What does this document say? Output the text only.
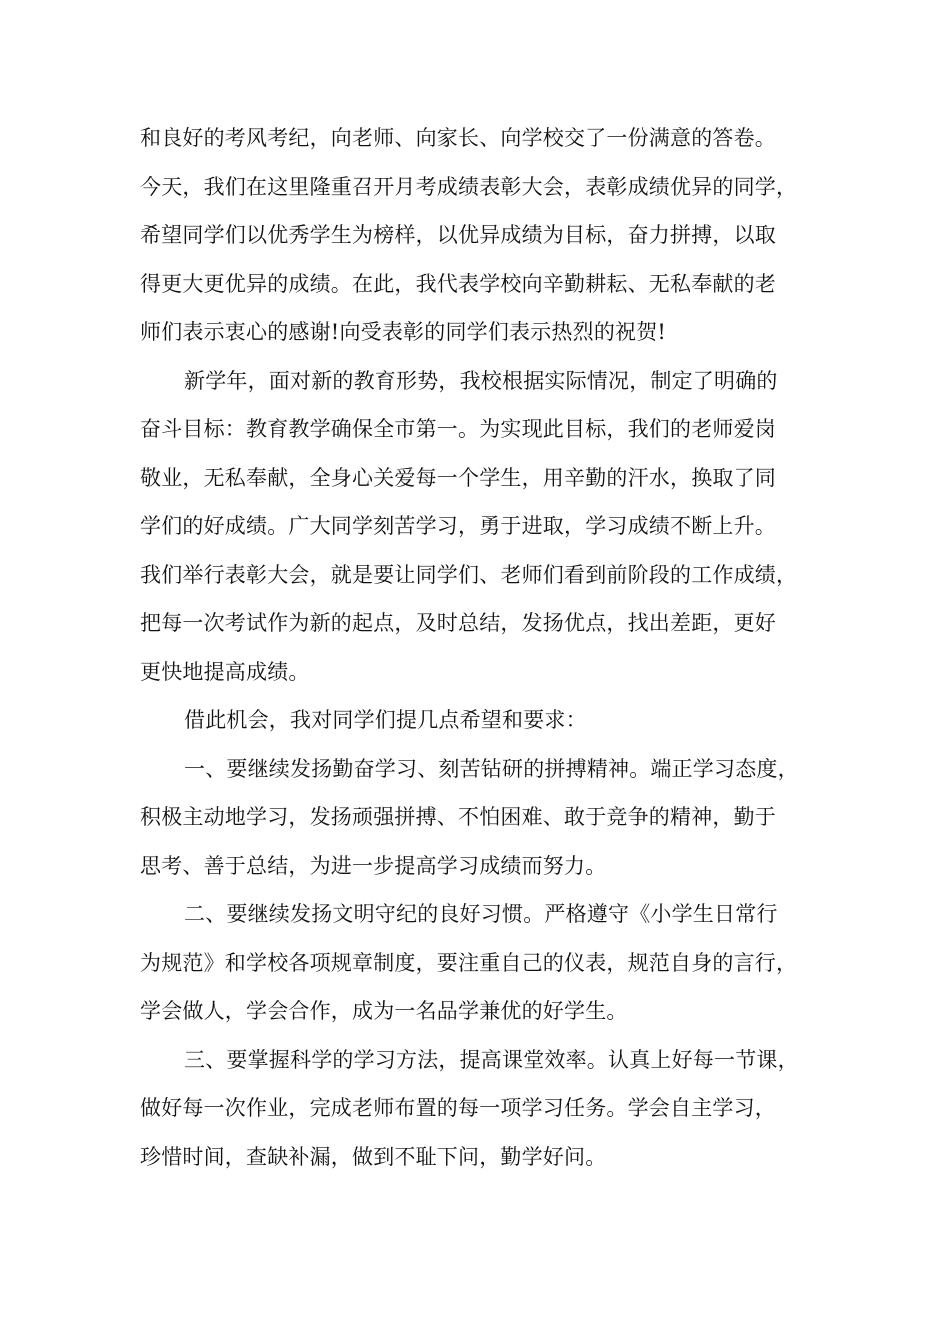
和良好的考风考纪，向老师、向家长、向学校交了一份满意的答卷。
今天，我们在这里隆重召开月考成绩表彰大会，表彰成绩优异的同学，
希望同学们以优秀学生为榜样，以优异成绩为目标，奋力拼搏，以取
得更大更优异的成绩。在此，我代表学校向辛勤耕耘、无私奉献的老
师们表示衷心的感谢!向受表彰的同学们表示热烈的祝贺!
新学年，面对新的教育形势，我校根据实际情况，制定了明确的
奋斗目标：教育教学确保全市第一。为实现此目标，我们的老师爱岗
敬业，无私奉献，全身心关爱每一个学生，用辛勤的汗水，换取了同
学们的好成绩。广大同学刻苦学习，勇于进取，学习成绩不断上升。
我们举行表彰大会，就是要让同学们、老师们看到前阶段的工作成绩，
把每一次考试作为新的起点，及时总结，发扬优点，找出差距，更好
更快地提高成绩。
借此机会，我对同学们提几点希望和要求：
一、要继续发扬勤奋学习、刻苦钻研的拼搏精神。端正学习态度，
积极主动地学习，发扬顽强拼搏、不怕困难、敢于竞争的精神，勤于
思考、善于总结，为进一步提高学习成绩而努力。
二、要继续发扬文明守纪的良好习惯。严格遵守《小学生日常行
为规范》和学校各项规章制度，要注重自己的仪表，规范自身的言行，
学会做人，学会合作，成为一名品学兼优的好学生。
三、要掌握科学的学习方法，提高课堂效率。认真上好每一节课，
做好每一次作业，完成老师布置的每一项学习任务。学会自主学习，
珍惜时间，查缺补漏，做到不耻下问，勤学好问。
